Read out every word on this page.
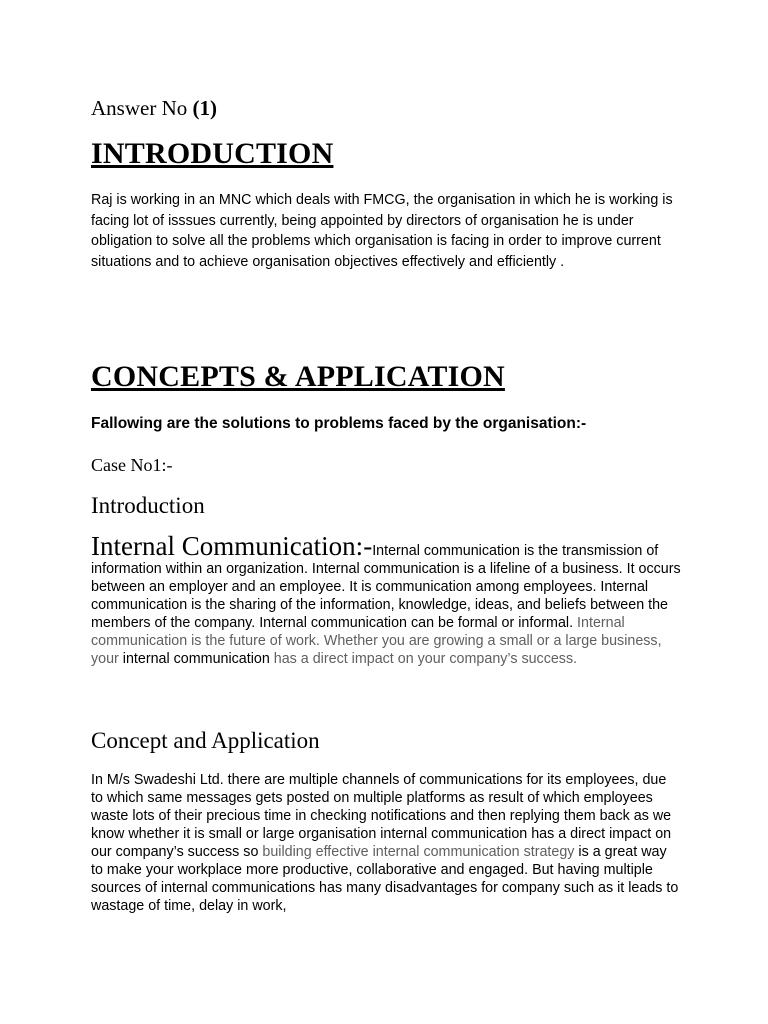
Answer No (1)
INTRODUCTION
Raj is working in an MNC which deals with FMCG, the organisation in which he is working is facing lot of isssues currently, being appointed by directors of organisation he is under obligation to solve all the problems which organisation is facing in order to improve current situations and to achieve organisation objectives effectively and efficiently .
CONCEPTS & APPLICATION
Fallowing are the solutions to problems faced by the organisation:-
Case No1:-
Introduction
Internal Communication:-Internal communication is the transmission of information within an organization. Internal communication is a lifeline of a business. It occurs between an employer and an employee. It is communication among employees. Internal communication is the sharing of the information, knowledge, ideas, and beliefs between the members of the company. Internal communication can be formal or informal. Internal communication is the future of work. Whether you are growing a small or a large business, your internal communication has a direct impact on your company’s success.
Concept and Application
In M/s Swadeshi Ltd. there are multiple channels of communications for its employees, due to which same messages gets posted on multiple platforms as result of which employees waste lots of their precious time in checking notifications and then replying them back as we know whether it is small or large organisation internal communication has a direct impact on our company’s success so building effective internal communication strategy is a great way to make your workplace more productive, collaborative and engaged. But having multiple sources of internal communications has many disadvantages for company such as it leads to wastage of time, delay in work,
